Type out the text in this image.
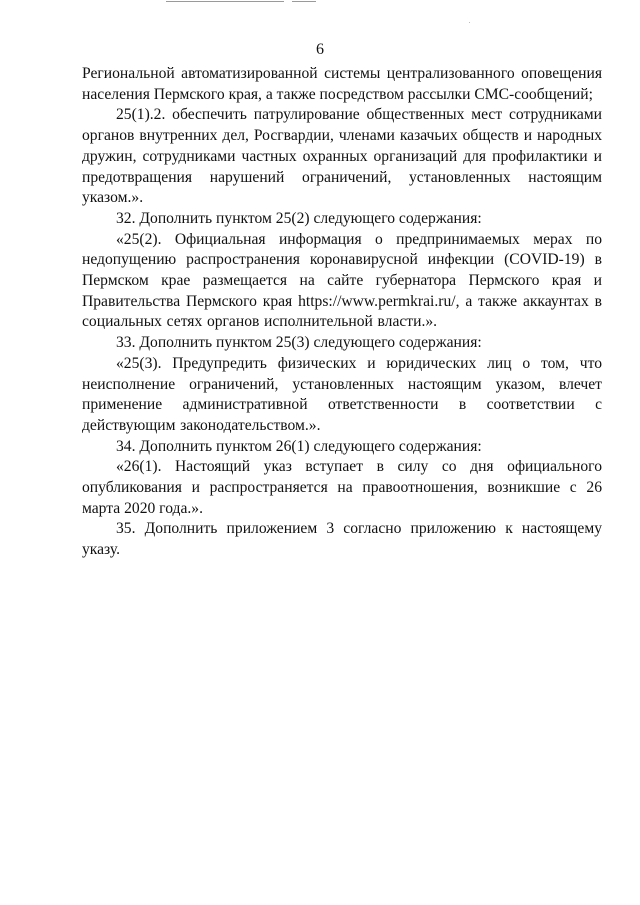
6

Региональной автоматизированной системы централизованного оповещения населения Пермского края, а также посредством рассылки СМС-сообщений;

25(1).2. обеспечить патрулирование общественных мест сотрудниками органов внутренних дел, Росгвардии, членами казачьих обществ и народных дружин, сотрудниками частных охранных организаций для профилактики и предотвращения нарушений ограничений, установленных настоящим указом.».

32. Дополнить пунктом 25(2) следующего содержания:

«25(2). Официальная информация о предпринимаемых мерах по недопущению распространения коронавирусной инфекции (COVID-19) в Пермском крае размещается на сайте губернатора Пермского края и Правительства Пермского края https://www.permkrai.ru/, а также аккаунтах в социальных сетях органов исполнительной власти.».

33. Дополнить пунктом 25(3) следующего содержания:

«25(3). Предупредить физических и юридических лиц о том, что неисполнение ограничений, установленных настоящим указом, влечет применение административной ответственности в соответствии с действующим законодательством.».

34. Дополнить пунктом 26(1) следующего содержания:

«26(1). Настоящий указ вступает в силу со дня официального опубликования и распространяется на правоотношения, возникшие с 26 марта 2020 года.».

35. Дополнить приложением 3 согласно приложению к настоящему указу.
